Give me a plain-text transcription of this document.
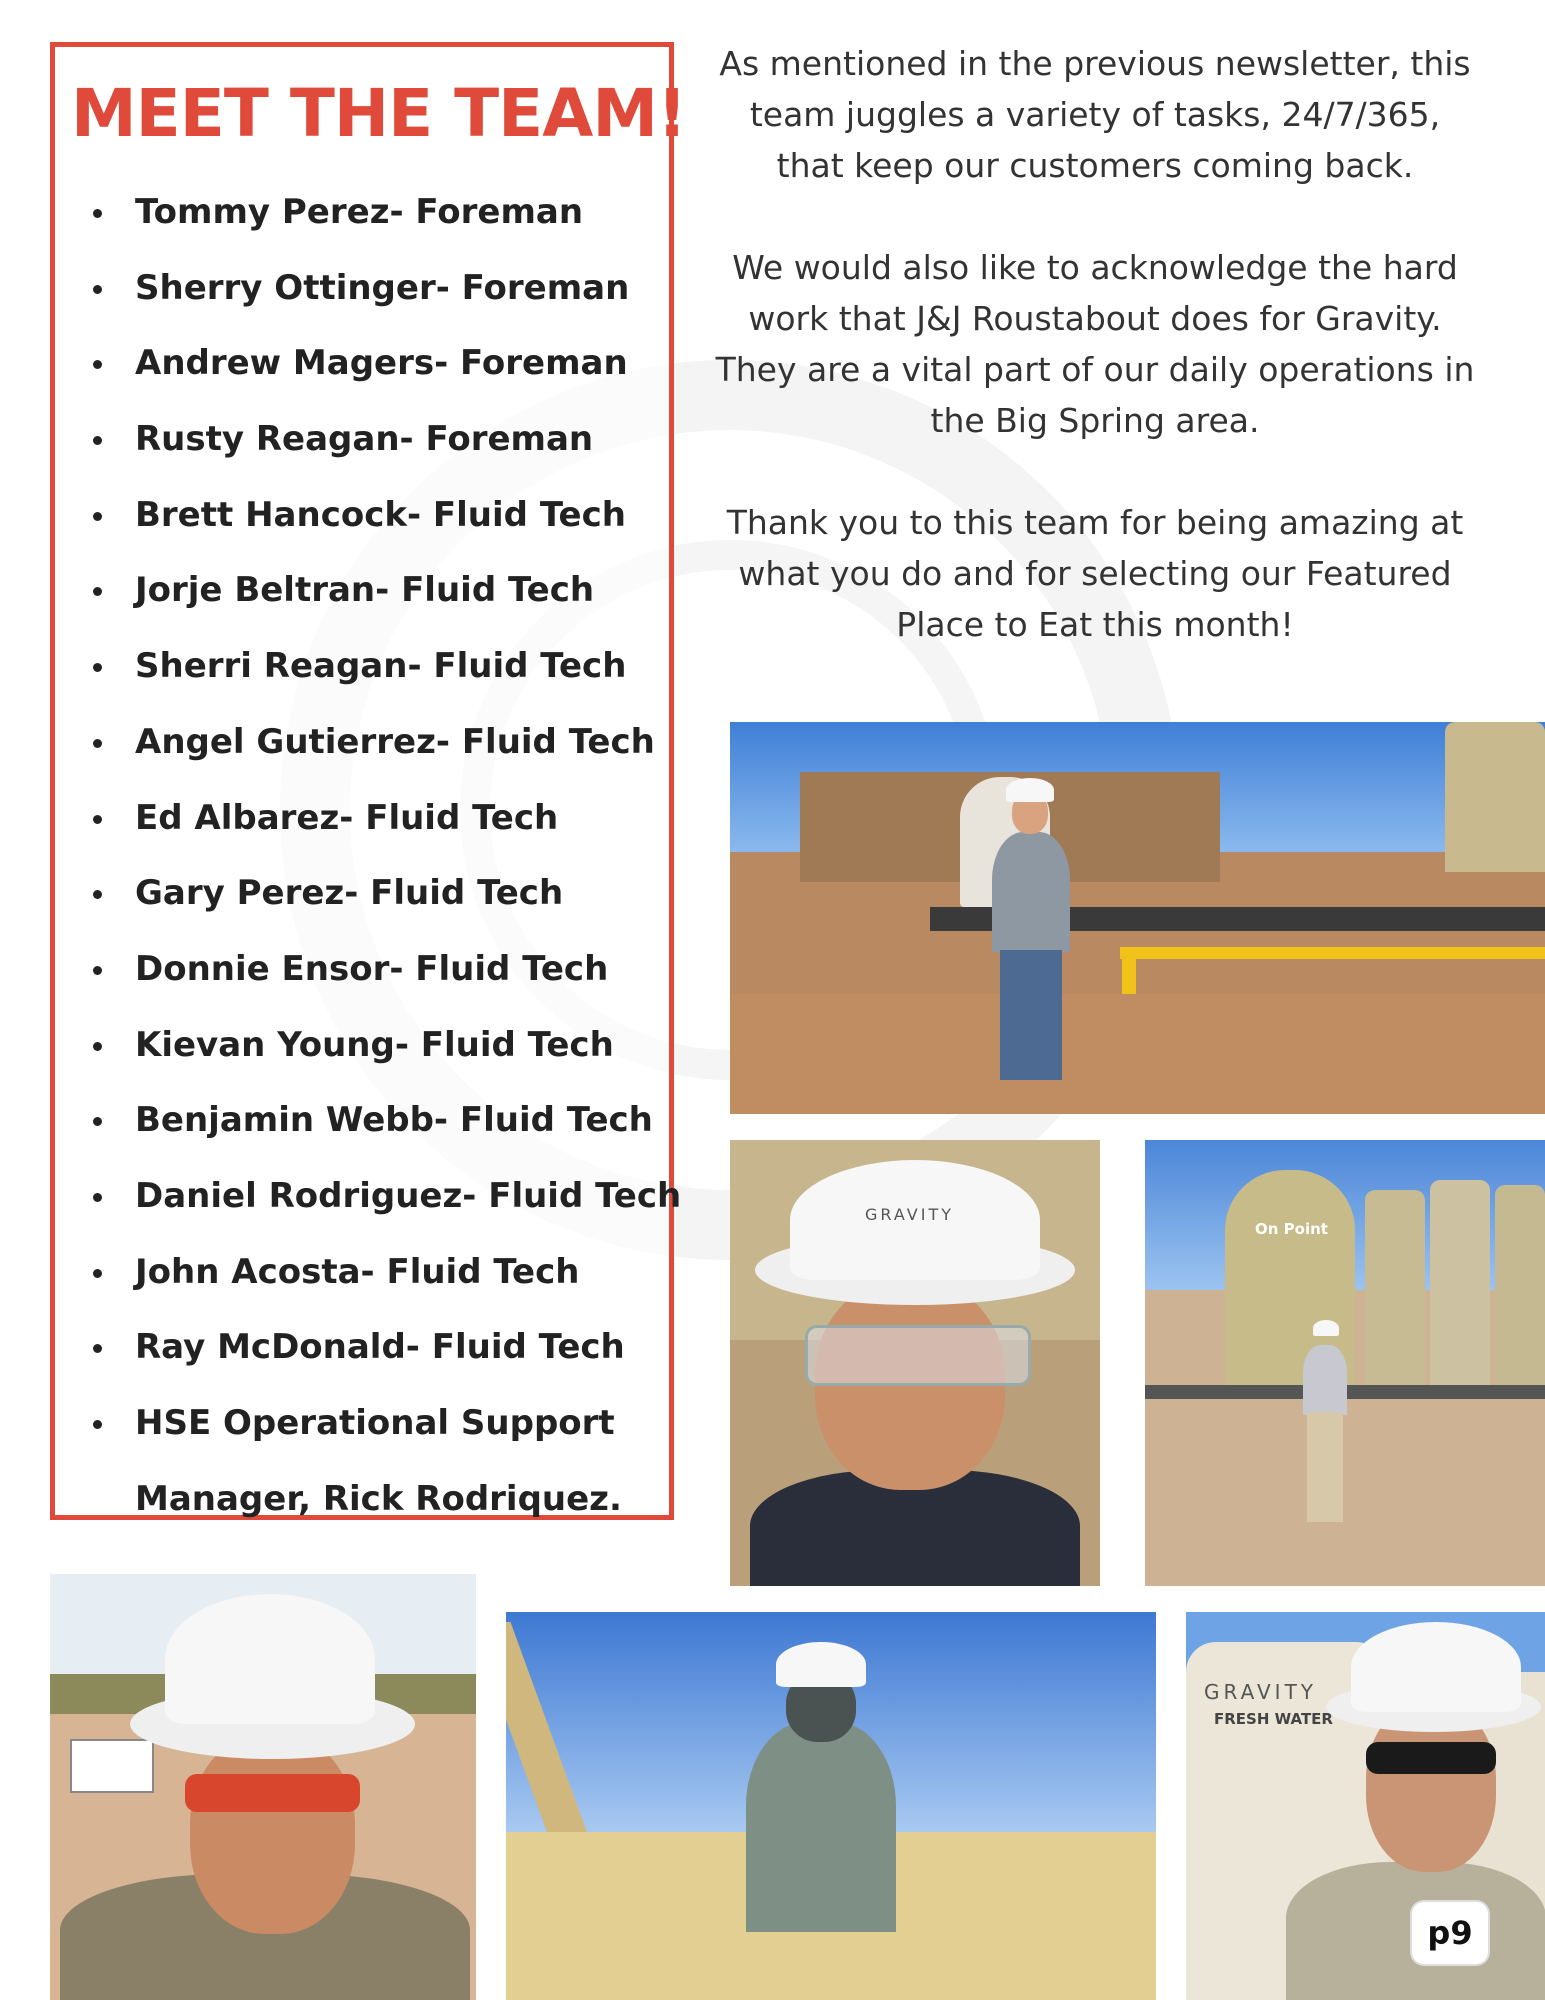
MEET THE TEAM!
Tommy Perez- Foreman
Sherry Ottinger- Foreman
Andrew Magers- Foreman
Rusty Reagan- Foreman
Brett Hancock- Fluid Tech
Jorje Beltran- Fluid Tech
Sherri Reagan- Fluid Tech
Angel Gutierrez- Fluid Tech
Ed Albarez- Fluid Tech
Gary Perez- Fluid Tech
Donnie Ensor- Fluid Tech
Kievan Young- Fluid Tech
Benjamin Webb- Fluid Tech
Daniel Rodriguez- Fluid Tech
John Acosta- Fluid Tech
Ray McDonald- Fluid Tech
HSE Operational Support
Manager, Rick Rodriquez.

As mentioned in the previous newsletter, this team juggles a variety of tasks, 24/7/365, that keep our customers coming back.

We would also like to acknowledge the hard work that J&J Roustabout does for Gravity. They are a vital part of our daily operations in the Big Spring area.

Thank you to this team for being amazing at what you do and for selecting our Featured Place to Eat this month!

GRAVITY
On Point
GRAVITY
FRESH WATER
p9
